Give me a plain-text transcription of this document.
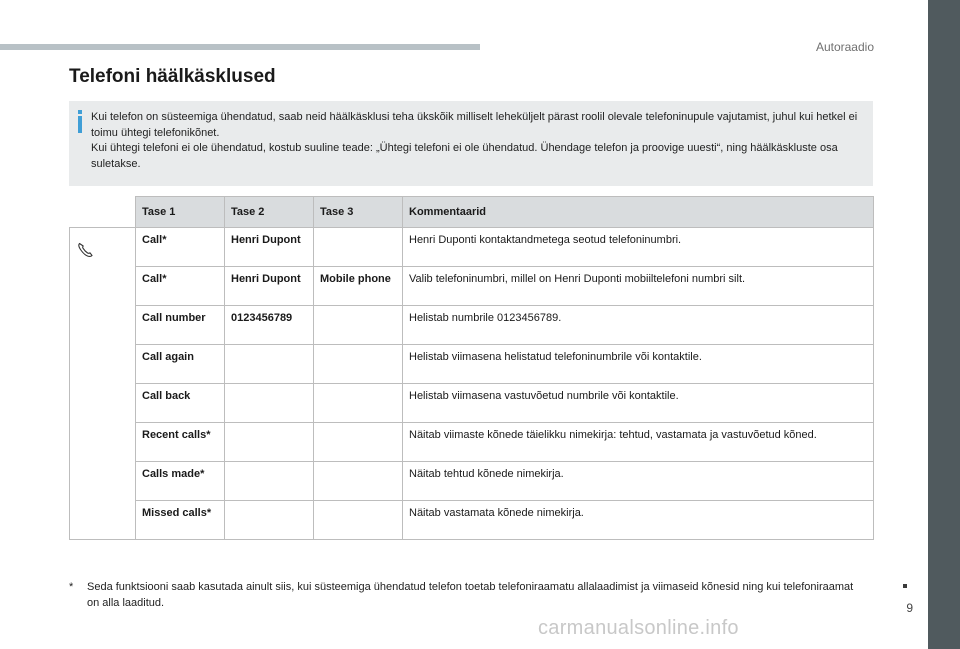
Autoraadio
Telefoni häälkäsklused

Kui telefon on süsteemiga ühendatud, saab neid häälkäsklusi teha ükskõik milliselt leheküljelt pärast roolil olevale telefoninupule vajutamist, juhul kui hetkel ei toimu ühtegi telefonikõnet.

Kui ühtegi telefoni ei ole ühendatud, kostub suuline teade: „Ühtegi telefoni ei ole ühendatud. Ühendage telefon ja proovige uuesti“, ning häälkäskluste osa suletakse.

	Tase 1	Tase 2	Tase 3	Kommentaarid
	Call*	Henri Dupont		Henri Duponti kontaktandmetega seotud telefoninumbri.
	Call*	Henri Dupont	Mobile phone	Valib telefoninumbri, millel on Henri Duponti mobiiltelefoni numbri silt.
	Call number	0123456789		Helistab numbrile 0123456789.
	Call again			Helistab viimasena helistatud telefoninumbrile või kontaktile.
	Call back			Helistab viimasena vastuvõetud numbrile või kontaktile.
	Recent calls*			Näitab viimaste kõnede täielikku nimekirja: tehtud, vastamata ja vastuvõetud kõned.
	Calls made*			Näitab tehtud kõnede nimekirja.
	Missed calls*			Näitab vastamata kõnede nimekirja.
* Seda funktsiooni saab kasutada ainult siis, kui süsteemiga ühendatud telefon toetab telefoniraamatu allalaadimist ja viimaseid kõnesid ning kui telefoniraamat on alla laaditud.	9
carmanualsonline.info
